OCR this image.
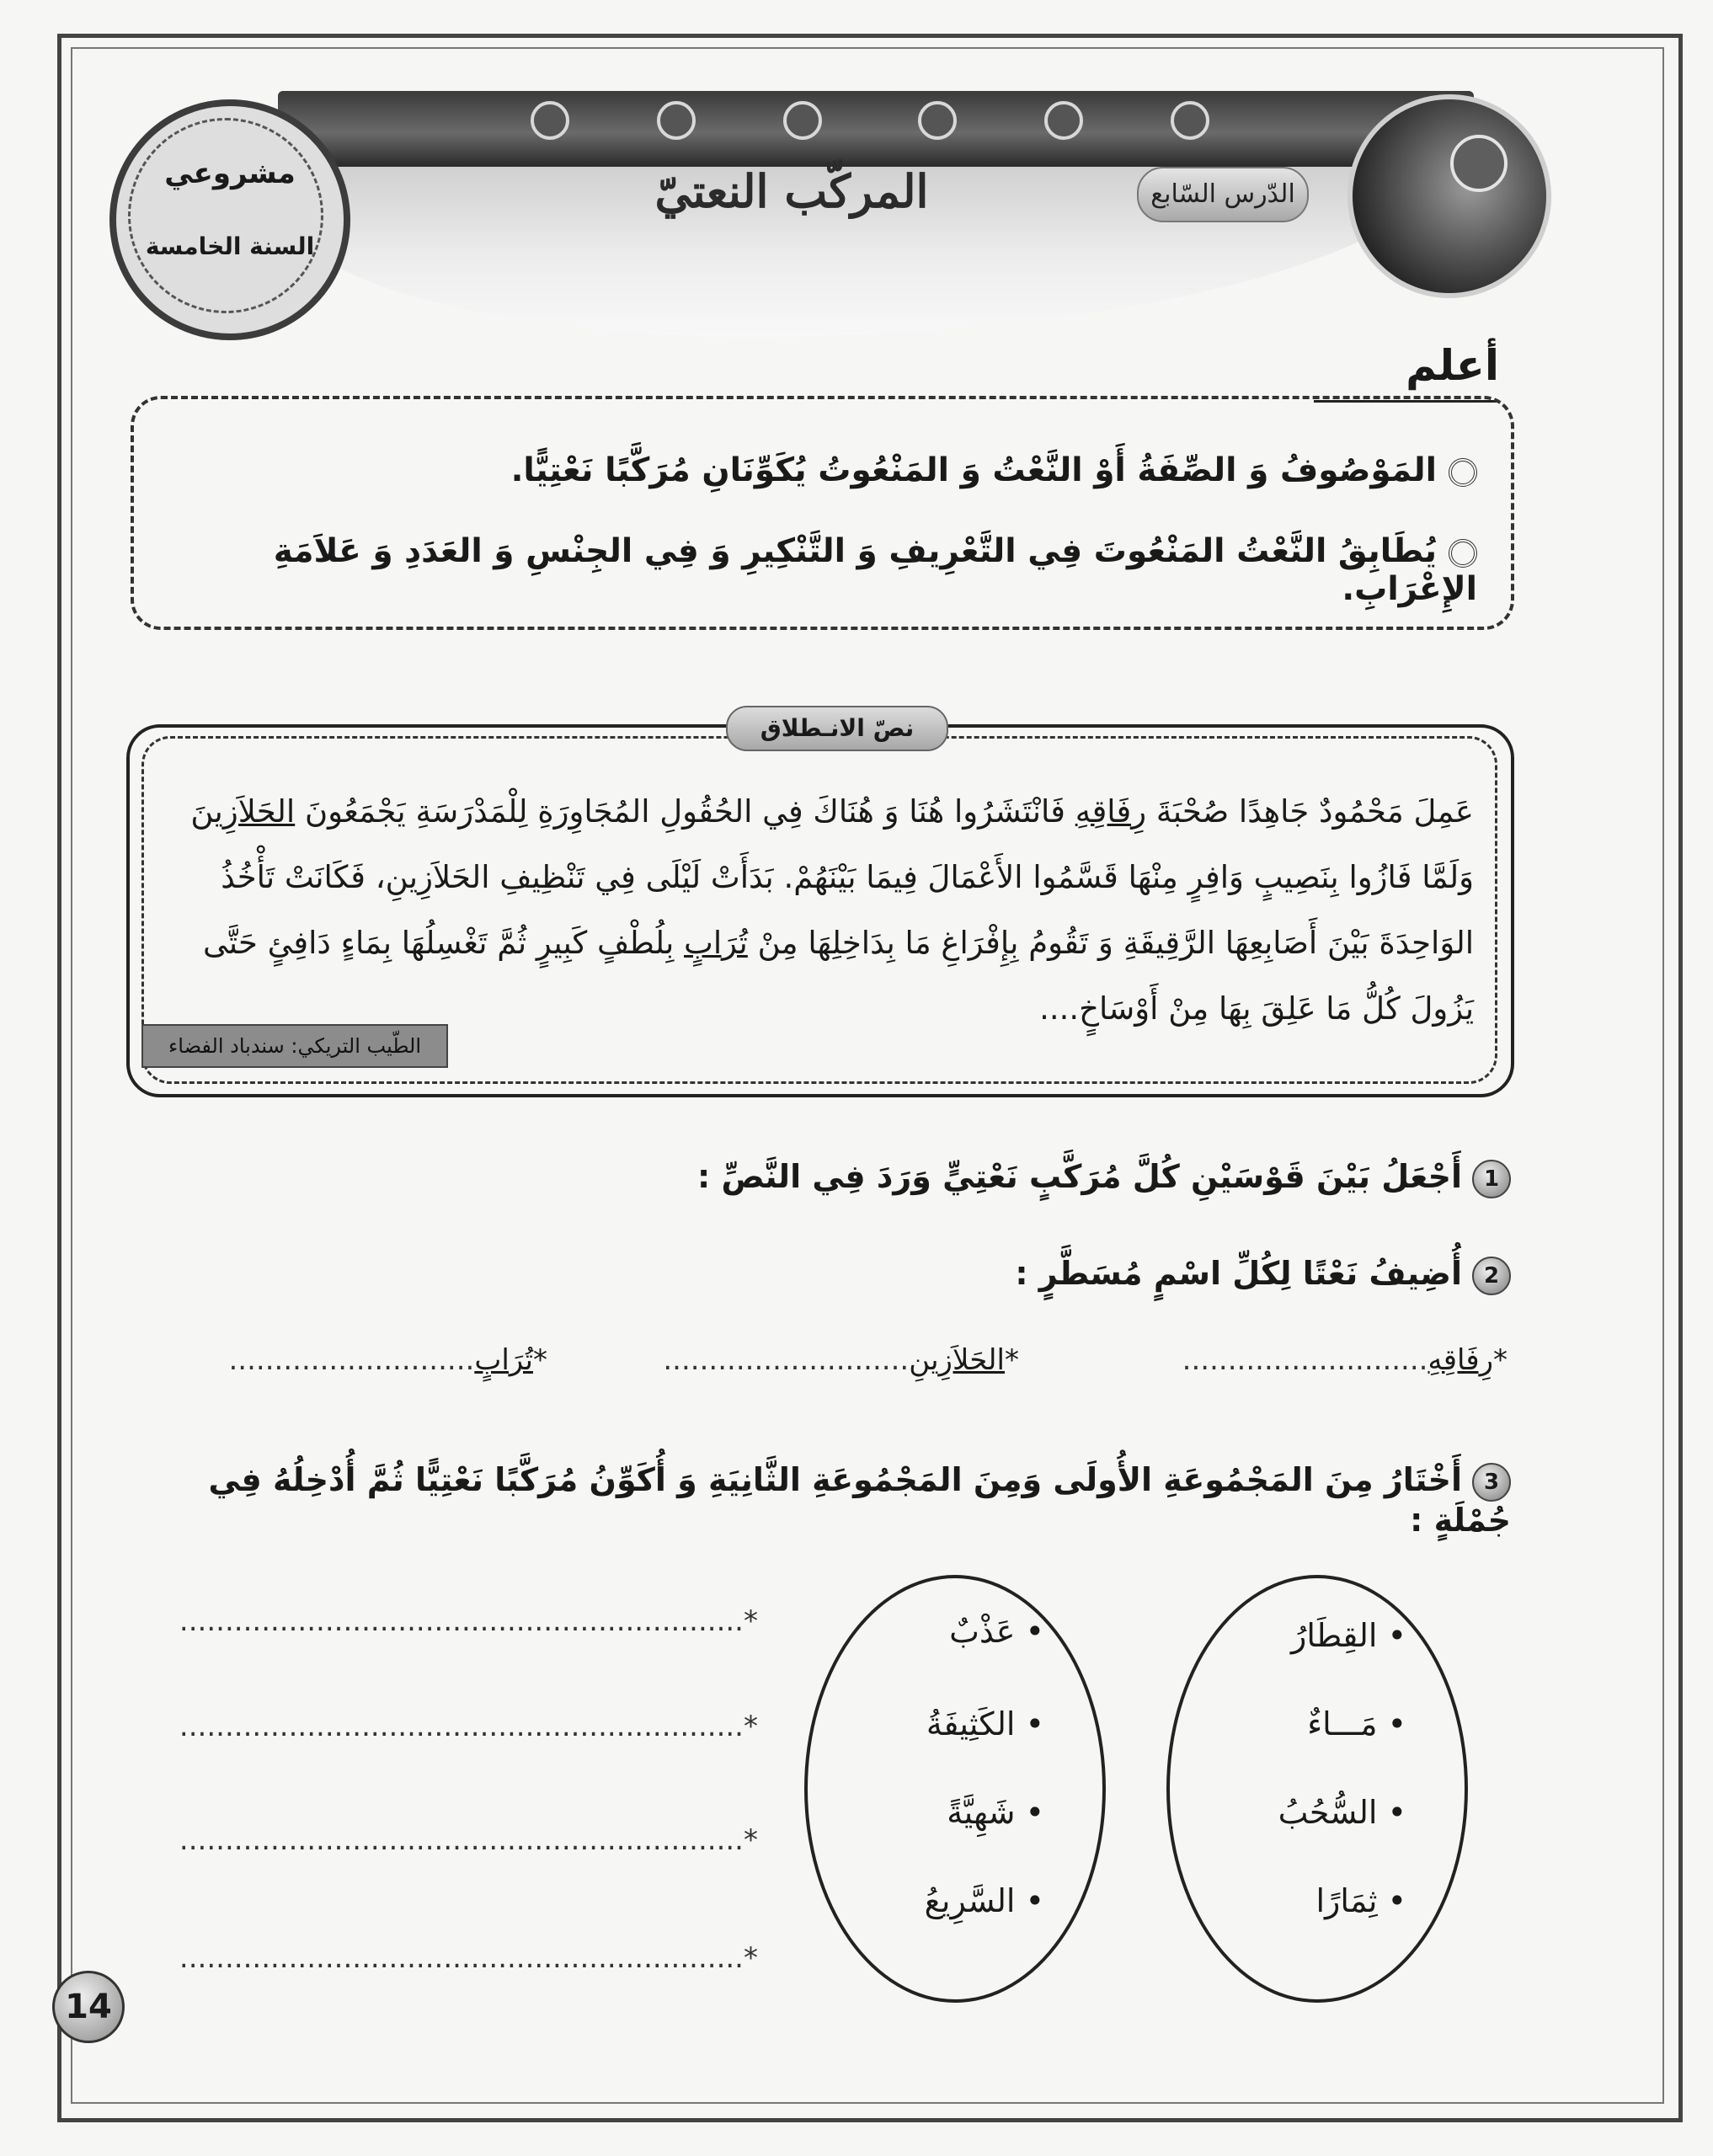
الدّرس السّابع
المركّب النعتيّ
مشروعي
السنة الخامسة
أعلم
المَوْصُوفُ وَ الصِّفَةُ أَوْ النَّعْتُ وَ المَنْعُوتُ يُكَوِّنَانِ مُرَكَّبًا نَعْتِيًّا.
يُطَابِقُ النَّعْتُ المَنْعُوتَ فِي التَّعْرِيفِ وَ التَّنْكِيرِ وَ فِي الجِنْسِ وَ العَدَدِ وَ عَلاَمَةِ الإِعْرَابِ.
نصّ الانـطلاق
عَمِلَ مَحْمُودٌ جَاهِدًا صُحْبَةَ رِفَاقِهِ فَانْتَشَرُوا هُنَا وَ هُنَاكَ فِي الحُقُولِ المُجَاوِرَةِ لِلْمَدْرَسَةِ يَجْمَعُونَ الحَلاَزِينَ
وَلَمَّا فَازُوا بِنَصِيبٍ وَافِرٍ مِنْهَا قَسَّمُوا الأَعْمَالَ فِيمَا بَيْنَهُمْ. بَدَأَتْ لَيْلَى فِي تَنْظِيفِ الحَلاَزِينِ، فَكَانَتْ تَأْخُذُ
الوَاحِدَةَ بَيْنَ أَصَابِعِهَا الرَّقِيقَةِ وَ تَقُومُ بِإِفْرَاغِ مَا بِدَاخِلِهَا مِنْ تُرَابٍ بِلُطْفٍ كَبِيرٍ ثُمَّ تَغْسِلُهَا بِمَاءٍ دَافِئٍ حَتَّى
يَزُولَ كُلُّ مَا عَلِقَ بِهَا مِنْ أَوْسَاخٍ....
الطّيب التريكي: سندباد الفضاء
1أَجْعَلُ بَيْنَ قَوْسَيْنِ كُلَّ مُرَكَّبٍ نَعْتِيٍّ وَرَدَ فِي النَّصِّ :
2أُضِيفُ نَعْتًا لِكُلِّ اسْمٍ مُسَطَّرٍ :
*رِفَاقِهِ...........................
*الحَلاَزِينِ...........................
*تُرَابٍ...........................
3أَخْتَارُ مِنَ المَجْمُوعَةِ الأُولَى وَمِنَ المَجْمُوعَةِ الثَّانِيَةِ وَ أُكَوِّنُ مُرَكَّبًا نَعْتِيًّا ثُمَّ أُدْخِلُهُ فِي جُمْلَةٍ :
• القِطَارُ
• مَـــاءٌ
• السُّحُبُ
• ثِمَارًا
• عَذْبٌ
• الكَثِيفَةُ
• شَهِيَّةً
• السَّرِيعُ
*..............................................................
*..............................................................
*..............................................................
*..............................................................
14
